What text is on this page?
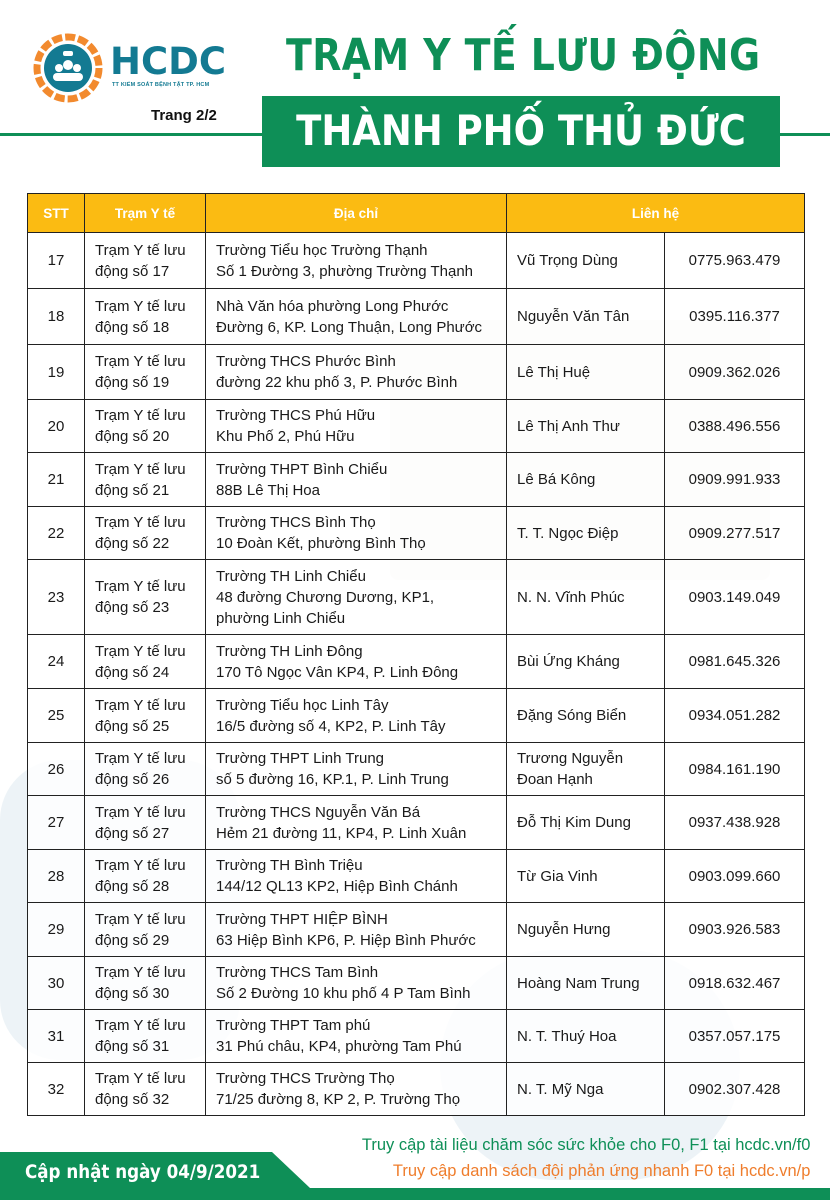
HCDC
TT KIỂM SOÁT BỆNH TẬT TP. HCM
Trang 2/2
TRẠM Y TẾ LƯU ĐỘNG
THÀNH PHỐ THỦ ĐỨC
STT	Trạm Y tế	Địa chỉ	Liên hệ	
17	
Trạm Y tế lưu
động số 17

Trường Tiểu học Trường Thạnh
Số 1 Đường 3, phường Trường Thạnh

Vũ Trọng Dùng	0775.963.479
18	
Trạm Y tế lưu
động số 18

Nhà Văn hóa phường Long Phước
Đường 6, KP. Long Thuận, Long Phước

Nguyễn Văn Tân	0395.116.377
19	
Trạm Y tế lưu
động số 19

Trường THCS Phước Bình
đường 22 khu phố 3, P. Phước Bình

Lê Thị Huệ	0909.362.026
20	
Trạm Y tế lưu
động số 20

Trường THCS Phú Hữu
Khu Phố 2, Phú Hữu

Lê Thị Anh Thư	0388.496.556
21	
Trạm Y tế lưu
động số 21

Trường THPT Bình Chiểu
88B Lê Thị Hoa

Lê Bá Kông	0909.991.933
22	
Trạm Y tế lưu
động số 22

Trường THCS Bình Thọ
10 Đoàn Kết, phường Bình Thọ

T. T. Ngọc Điệp	0909.277.517
23	
Trạm Y tế lưu
động số 23

Trường TH Linh Chiểu
48 đường Chương Dương, KP1,
phường Linh Chiểu

N. N. Vĩnh Phúc	0903.149.049
24	
Trạm Y tế lưu
động số 24

Trường TH Linh Đông
170 Tô Ngọc Vân KP4, P. Linh Đông

Bùi Ứng Kháng	0981.645.326
25	
Trạm Y tế lưu
động số 25

Trường Tiểu học Linh Tây
16/5 đường số 4, KP2, P. Linh Tây

Đặng Sóng Biển	0934.051.282
26	
Trạm Y tế lưu
động số 26

Trường THPT Linh Trung
số 5 đường 16, KP.1, P. Linh Trung

Trương Nguyễn
Đoan Hạnh
	0984.161.190
27	
Trạm Y tế lưu
động số 27

Trường THCS Nguyễn Văn Bá
Hẻm 21 đường 11, KP4, P. Linh Xuân

Đỗ Thị Kim Dung	0937.438.928
28	
Trạm Y tế lưu
động số 28

Trường TH Bình Triệu
144/12 QL13 KP2, Hiệp Bình Chánh

Từ Gia Vinh	0903.099.660
29	
Trạm Y tế lưu
động số 29

Trường THPT HIỆP BÌNH
63 Hiệp Bình KP6, P. Hiệp Bình Phước

Nguyễn Hưng	0903.926.583
30	
Trạm Y tế lưu
động số 30

Trường THCS Tam Bình
Số 2 Đường 10 khu phố 4 P Tam Bình

Hoàng Nam Trung	0918.632.467
31	
Trạm Y tế lưu
động số 31

Trường THPT Tam phú
31 Phú châu, KP4, phường Tam Phú

N. T. Thuý Hoa	0357.057.175
32	
Trạm Y tế lưu
động số 32

Trường THCS Trường Thọ
71/25 đường 8, KP 2, P. Trường Thọ

N. T. Mỹ Nga	0902.307.428
Cập nhật ngày 04/9/2021
Truy cập tài liệu chăm sóc sức khỏe cho F0, F1 tại hcdc.vn/f0
Truy cập danh sách đội phản ứng nhanh F0 tại hcdc.vn/p
